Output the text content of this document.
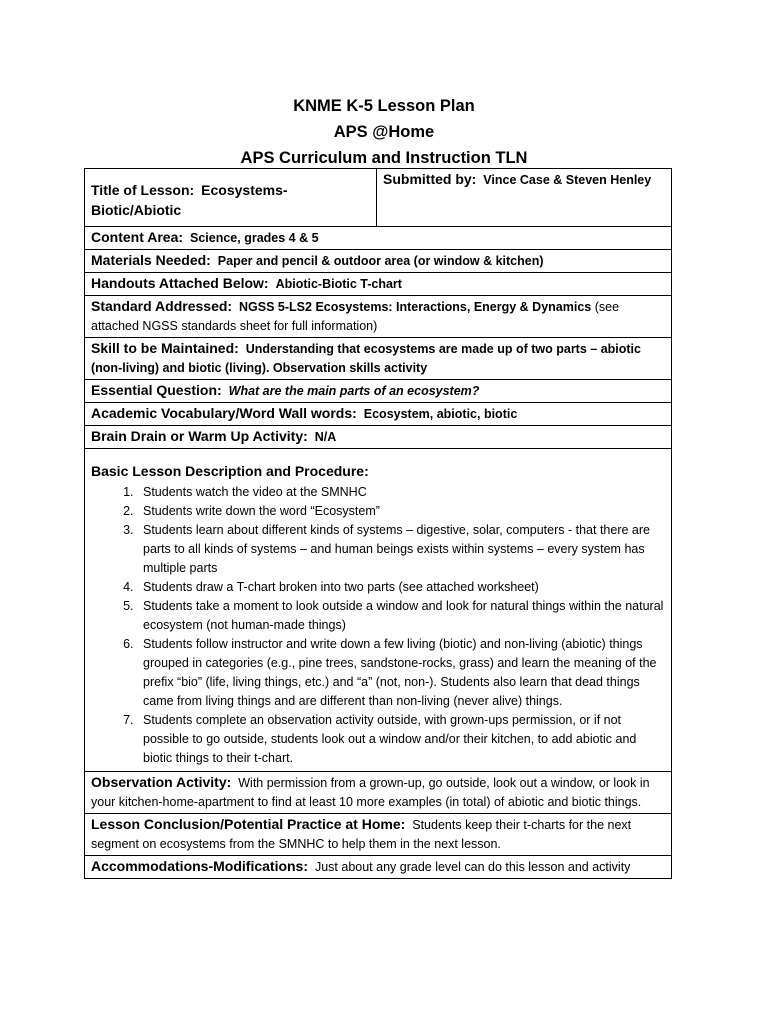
KNME K-5 Lesson Plan
APS @Home
APS Curriculum and Instruction TLN
Title of Lesson: Ecosystems-Biotic/Abiotic	Submitted by: Vince Case & Steven Henley
Content Area: Science, grades 4 & 5
Materials Needed: Paper and pencil & outdoor area (or window & kitchen)
Handouts Attached Below: Abiotic-Biotic T-chart
Standard Addressed: NGSS 5-LS2 Ecosystems: Interactions, Energy & Dynamics (see attached NGSS standards sheet for full information)
Skill to be Maintained: Understanding that ecosystems are made up of two parts – abiotic (non-living) and biotic (living). Observation skills activity
Essential Question: What are the main parts of an ecosystem?
Academic Vocabulary/Word Wall words: Ecosystem, abiotic, biotic
Brain Drain or Warm Up Activity: N/A

Basic Lesson Description and Procedure:
1. Students watch the video at the SMNHC
2. Students write down the word “Ecosystem”
3. Students learn about different kinds of systems – digestive, solar, computers - that there are parts to all kinds of systems – and human beings exists within systems – every system has multiple parts
4. Students draw a T-chart broken into two parts (see attached worksheet)
5. Students take a moment to look outside a window and look for natural things within the natural ecosystem (not human-made things)
6. Students follow instructor and write down a few living (biotic) and non-living (abiotic) things grouped in categories (e.g., pine trees, sandstone-rocks, grass) and learn the meaning of the prefix “bio” (life, living things, etc.) and “a” (not, non-). Students also learn that dead things came from living things and are different than non-living (never alive) things.
7. Students complete an observation activity outside, with grown-ups permission, or if not possible to go outside, students look out a window and/or their kitchen, to add abiotic and biotic things to their t-chart.

Observation Activity: With permission from a grown-up, go outside, look out a window, or look in your kitchen-home-apartment to find at least 10 more examples (in total) of abiotic and biotic things.
Lesson Conclusion/Potential Practice at Home: Students keep their t-charts for the next segment on ecosystems from the SMNHC to help them in the next lesson.
Accommodations-Modifications: Just about any grade level can do this lesson and activity
